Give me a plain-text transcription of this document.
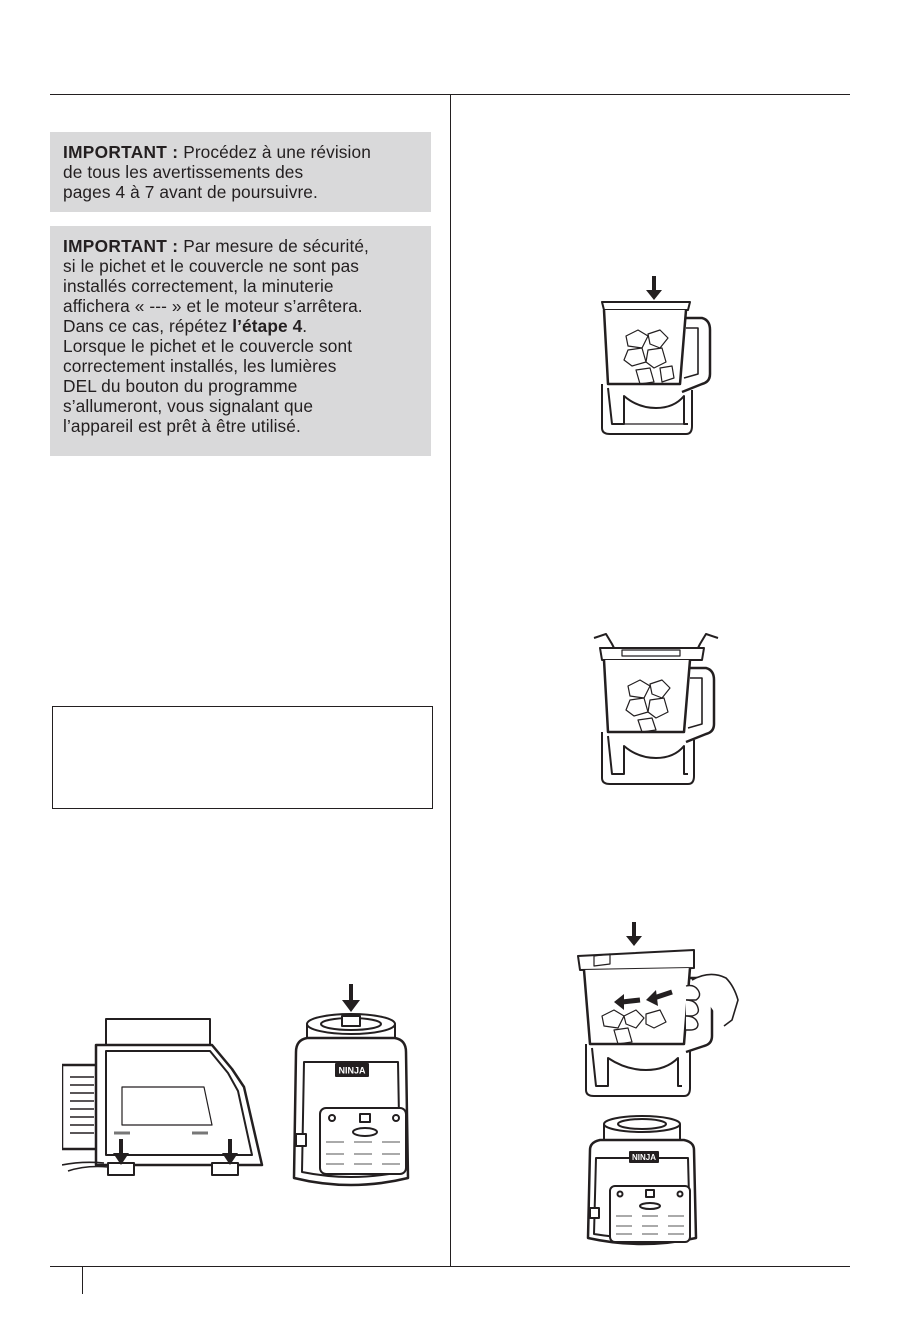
IMPORTANT : Procédez à une révision
de tous les avertissements des
pages 4 à 7 avant de poursuivre.
IMPORTANT : Par mesure de sécurité,
si le pichet et le couvercle ne sont pas
installés correctement, la minuterie
affichera « --- » et le moteur s’arrêtera.
Dans ce cas, répétez l’étape 4.
Lorsque le pichet et le couvercle sont
correctement installés, les lumières
DEL du bouton du programme
s’allumeront, vous signalant que
l’appareil est prêt à être utilisé.
NINJA
NINJA
